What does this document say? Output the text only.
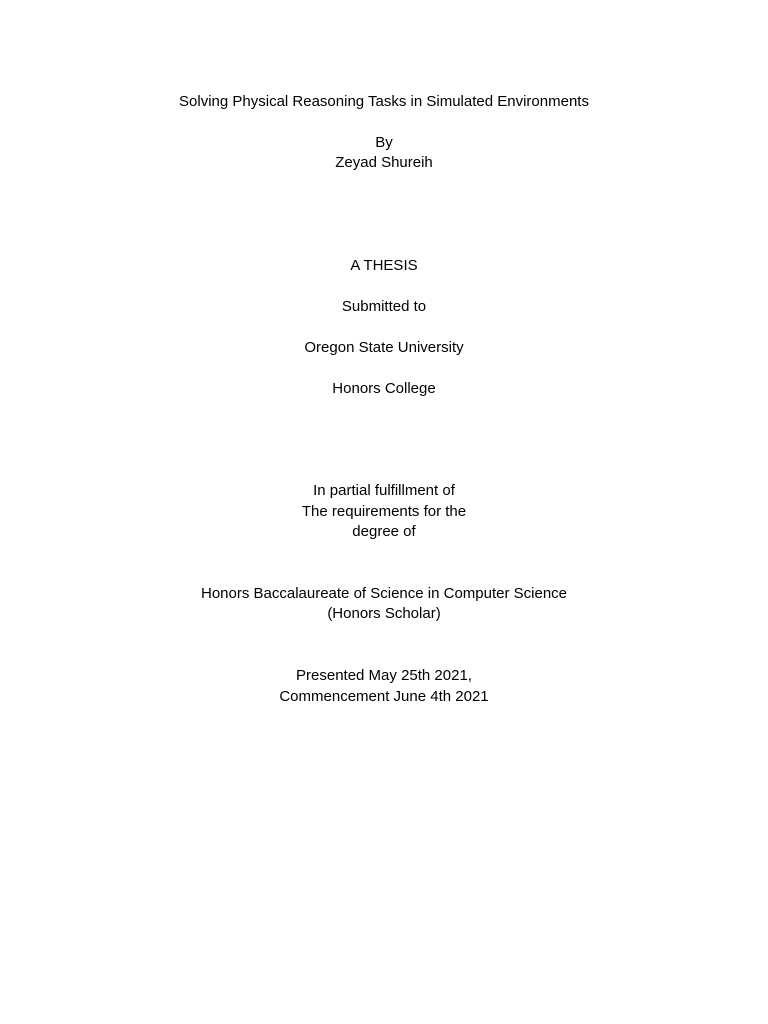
Solving Physical Reasoning Tasks in Simulated Environments
By
Zeyad Shureih
A THESIS
Submitted to
Oregon State University
Honors College
In partial fulfillment of
The requirements for the
degree of
Honors Baccalaureate of Science in Computer Science
(Honors Scholar)
Presented May 25th 2021,
Commencement June 4th 2021
